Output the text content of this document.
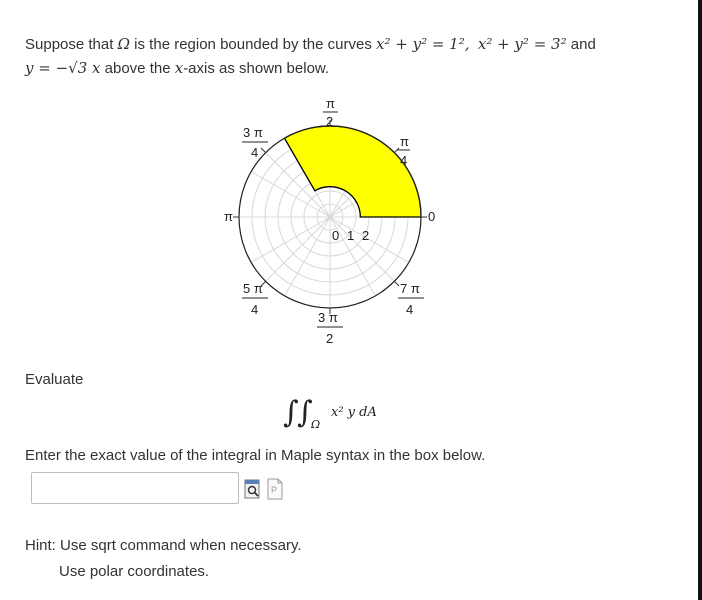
Suppose that Ω is the region bounded by the curves x² + y² = 1², x² + y² = 3² and
y = −√3 x above the x-axis as shown below.
0 1 2
0
π
π
2
π
4
3 π
4
5 π
4
7 π
4
3 π
2
Evaluate
∫
∫
Ω
x² y dA
Enter the exact value of the integral in Maple syntax in the box below.
P
Hint: Use sqrt command when necessary.
Use polar coordinates.
